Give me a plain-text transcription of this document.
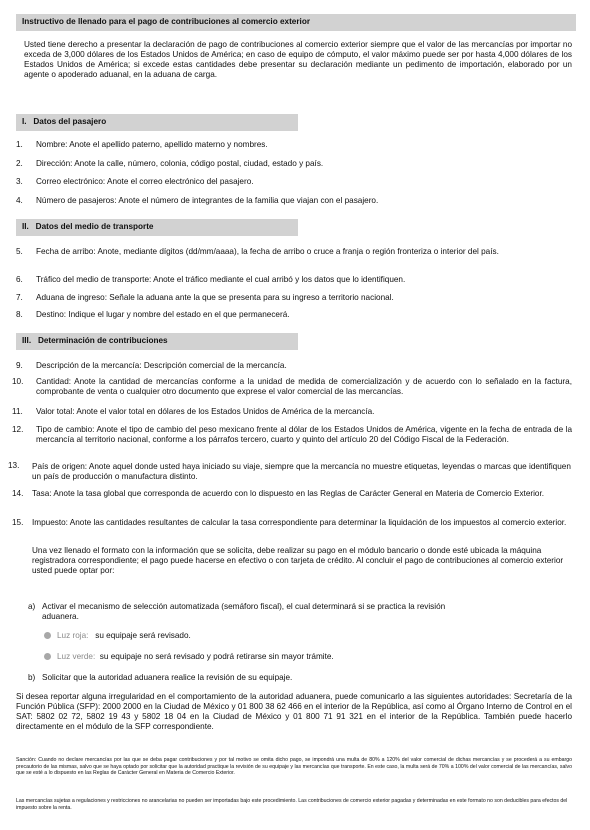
Instructivo de llenado para el pago de contribuciones al comercio exterior
Usted tiene derecho a presentar la declaración de pago de contribuciones al comercio exterior siempre que el valor de las mercancías por importar no exceda de 3,000 dólares de los Estados Unidos de América; en caso de equipo de cómputo, el valor máximo puede ser por hasta 4,000 dólares de los Estados Unidos de América; si excede estas cantidades debe presentar su declaración mediante un pedimento de importación, elaborado por un agente o apoderado aduanal, en la aduana de carga.
I. Datos del pasajero
1. Nombre: Anote el apellido paterno, apellido materno y nombres.
2. Dirección: Anote la calle, número, colonia, código postal, ciudad, estado y país.
3. Correo electrónico: Anote el correo electrónico del pasajero.
4. Número de pasajeros: Anote el número de integrantes de la familia que viajan con el pasajero.
II. Datos del medio de transporte
5. Fecha de arribo: Anote, mediante dígitos (dd/mm/aaaa), la fecha de arribo o cruce a franja o región fronteriza o interior del país.
6. Tráfico del medio de transporte: Anote el tráfico mediante el cual arribó y los datos que lo identifiquen.
7. Aduana de ingreso: Señale la aduana ante la que se presenta para su ingreso a territorio nacional.
8. Destino: Indique el lugar y nombre del estado en el que permanecerá.
III. Determinación de contribuciones
9. Descripción de la mercancía: Descripción comercial de la mercancía.
10. Cantidad: Anote la cantidad de mercancías conforme a la unidad de medida de comercialización y de acuerdo con lo señalado en la factura, comprobante de venta o cualquier otro documento que exprese el valor comercial de las mercancías.
11. Valor total: Anote el valor total en dólares de los Estados Unidos de América de la mercancía.
12. Tipo de cambio: Anote el tipo de cambio del peso mexicano frente al dólar de los Estados Unidos de América, vigente en la fecha de entrada de la mercancía al territorio nacional, conforme a los párrafos tercero, cuarto y quinto del artículo 20 del Código Fiscal de la Federación.
13. País de origen: Anote aquel donde usted haya iniciado su viaje, siempre que la mercancía no muestre etiquetas, leyendas o marcas que identifiquen un país de producción o manufactura distinto.
14. Tasa: Anote la tasa global que corresponda de acuerdo con lo dispuesto en las Reglas de Carácter General en Materia de Comercio Exterior.
15. Impuesto: Anote las cantidades resultantes de calcular la tasa correspondiente para determinar la liquidación de los impuestos al comercio exterior.
Una vez llenado el formato con la información que se solicita, debe realizar su pago en el módulo bancario o donde esté ubicada la máquina registradora correspondiente; el pago puede hacerse en efectivo o con tarjeta de crédito. Al concluir el pago de contribuciones al comercio exterior usted puede optar por:
a) Activar el mecanismo de selección automatizada (semáforo fiscal), el cual determinará si se practica la revisión aduanera.
Luz roja: su equipaje será revisado.
Luz verde: su equipaje no será revisado y podrá retirarse sin mayor trámite.
b) Solicitar que la autoridad aduanera realice la revisión de su equipaje.
Si desea reportar alguna irregularidad en el comportamiento de la autoridad aduanera, puede comunicarlo a las siguientes autoridades: Secretaría de la Función Pública (SFP): 2000 2000 en la Ciudad de México y 01 800 38 62 466 en el interior de la República, así como al Órgano Interno de Control en el SAT: 5802 02 72, 5802 19 43 y 5802 18 04 en la Ciudad de México y 01 800 71 91 321 en el interior de la República. También puede hacerlo directamente en el módulo de la SFP correspondiente.
Sanción: Cuando no declare mercancías por las que se deba pagar contribuciones y por tal motivo se omita dicho pago, se impondrá una multa de 80% a 120% del valor comercial de dichas mercancías y se procederá a su embargo precautorio de las mismas, salvo que se haya optado por solicitar que la autoridad practique la revisión de su equipaje y las mercancías que transporte. En este caso, la multa será de 70% a 100% del valor comercial de las mercancías, salvo que se esté a lo dispuesto en las Reglas de Carácter General en Materia de Comercio Exterior.
Las mercancías sujetas a regulaciones y restricciones no arancelarias no pueden ser importadas bajo este procedimiento. Las contribuciones de comercio exterior pagadas y determinadas en este formato no son deducibles para efectos del impuesto sobre la renta.
